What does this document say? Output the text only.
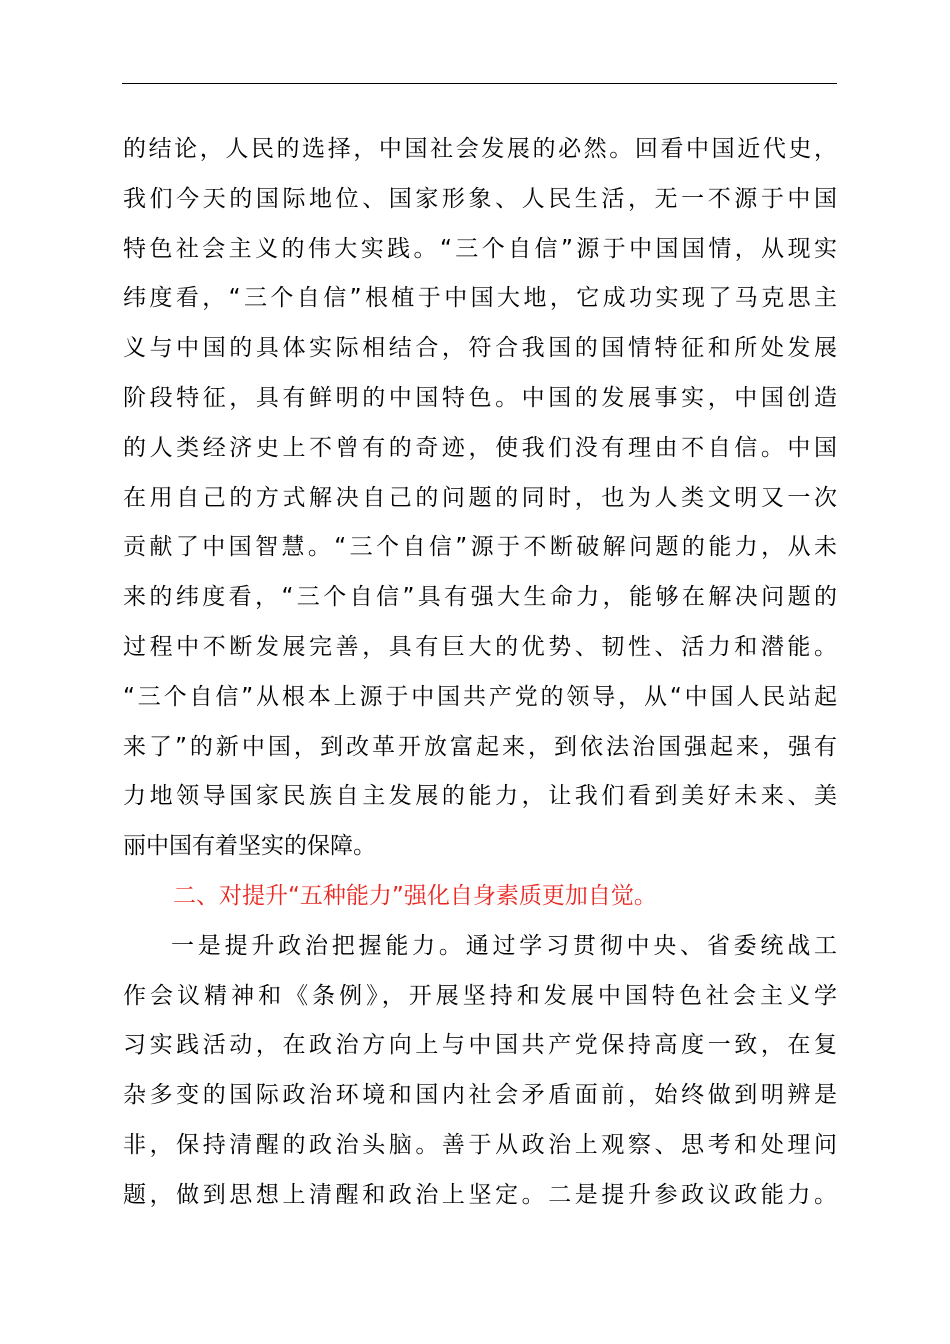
的结论，人民的选择，中国社会发展的必然。回看中国近代史，
我们今天的国际地位、国家形象、人民生活，无一不源于中国
特色社会主义的伟大实践。“三个自信”源于中国国情，从现实
纬度看，“三个自信”根植于中国大地，它成功实现了马克思主
义与中国的具体实际相结合，符合我国的国情特征和所处发展
阶段特征，具有鲜明的中国特色。中国的发展事实，中国创造
的人类经济史上不曾有的奇迹，使我们没有理由不自信。中国
在用自己的方式解决自己的问题的同时，也为人类文明又一次
贡献了中国智慧。“三个自信”源于不断破解问题的能力，从未
来的纬度看，“三个自信”具有强大生命力，能够在解决问题的
过程中不断发展完善，具有巨大的优势、韧性、活力和潜能。
“三个自信”从根本上源于中国共产党的领导，从“中国人民站起
来了”的新中国，到改革开放富起来，到依法治国强起来，强有
力地领导国家民族自主发展的能力，让我们看到美好未来、美
丽中国有着坚实的保障。
二、对提升“五种能力”强化自身素质更加自觉。
一是提升政治把握能力。通过学习贯彻中央、省委统战工
作会议精神和《条例》，开展坚持和发展中国特色社会主义学
习实践活动，在政治方向上与中国共产党保持高度一致，在复
杂多变的国际政治环境和国内社会矛盾面前，始终做到明辨是
非，保持清醒的政治头脑。善于从政治上观察、思考和处理问
题，做到思想上清醒和政治上坚定。二是提升参政议政能力。
